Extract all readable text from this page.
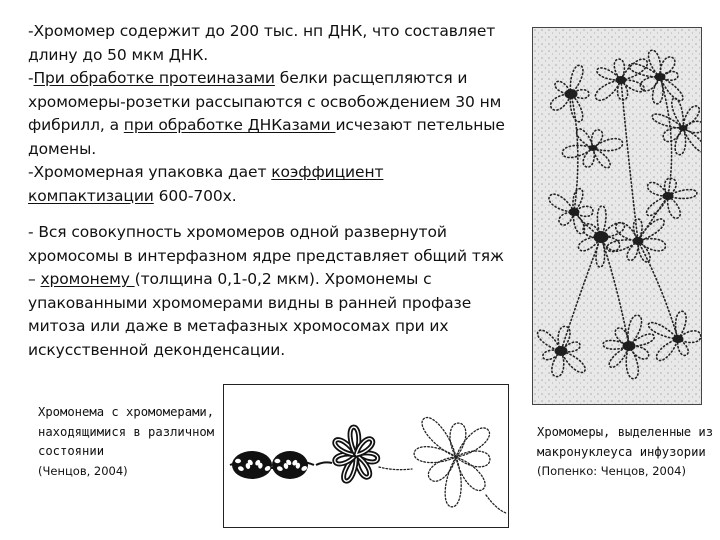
-Хромомер содержит до 200 тыс. нп ДНК, что составляет длину до 50 мкм ДНК.

-При обработке протеиназами белки расщепляются и хромомеры-розетки рассыпаются с освобождением 30 нм фибрилл, а при обработке ДНКазами исчезают петельные домены.

-Хромомерная упаковка дает коэффициент компактизации 600-700х.

- Вся совокупность хромомеров одной развернутой хромосомы в интерфазном ядре представляет общий тяж – хромонему (толщина 0,1-0,2 мкм). Хромонемы с упакованными хромомерами видны в ранней профазе митоза или даже в метафазных хромосомах при их искусственной деконденсации.

Хромонема с хромомерами, находящимися в различном состоянии
(Ченцов, 2004)
Хромомеры, выделенные из макронуклеуса инфузории
(Попенко: Ченцов, 2004)
